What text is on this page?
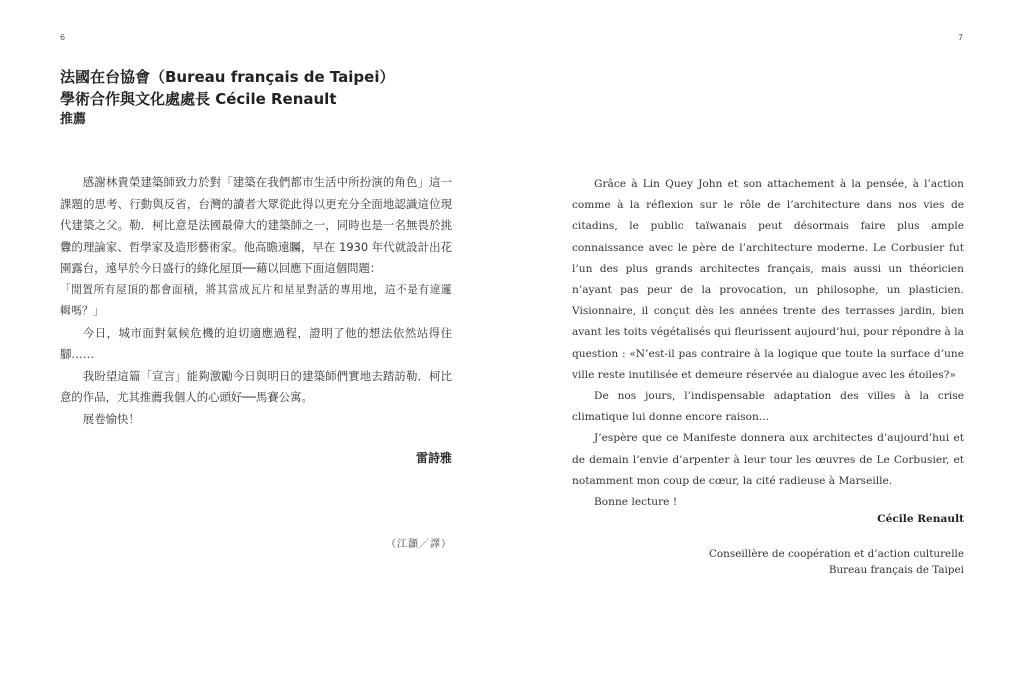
6	7
法國在台協會（Bureau français de Taipei）
學術合作與文化處處長 Cécile Renault
推薦

感謝林貴榮建築師致力於對「建築在我們都市生活中所扮演的角色」這一課題的思考、行動與反省，台灣的讀者大眾從此得以更充分全面地認識這位現代建築之父。勒．柯比意是法國最偉大的建築師之一，同時也是一名無畏於挑釁的理論家、哲學家及造形藝術家。他高瞻遠矚，早在 1930 年代就設計出花園露台，遠早於今日盛行的綠化屋頂──藉以回應下面這個問題：

「閒置所有屋頂的都會面積，將其當成瓦片和星星對話的專用地，這不是有違邏輯嗎？」

今日，城市面對氣候危機的迫切適應過程，證明了他的想法依然站得住腳……

我盼望這篇「宣言」能夠激勵今日與明日的建築師們實地去踏訪勒．柯比意的作品，尤其推薦我個人的心頭好──馬賽公寓。

展卷愉快！

雷詩雅
（江灝／譯）

Grâce à Lin Quey John et son attachement à la pensée, à l’action comme à la réflexion sur le rôle de l’architecture dans nos vies de citadins, le public taïwanais peut désormais faire plus ample connaissance avec le père de l’architecture moderne. Le Corbusier fut l’un des plus grands architectes français, mais aussi un théoricien n’ayant pas peur de la provocation, un philosophe, un plasticien. Visionnaire, il conçut dès les années trente des terrasses jardin, bien avant les toits végétalisés qui fleurissent aujourd’hui, pour répondre à la question : «N’est-il pas contraire à la logique que toute la surface d’une ville reste inutilisée et demeure réservée au dialogue avec les étoiles?»

De nos jours, l’indispensable adaptation des villes à la crise climatique lui donne encore raison...

J’espère que ce Manifeste donnera aux architectes d’aujourd’hui et de demain l’envie d’arpenter à leur tour les œuvres de Le Corbusier, et notamment mon coup de cœur, la cité radieuse à Marseille.

Bonne lecture !

Cécile Renault
Conseillère de coopération et d’action culturelle
Bureau français de Taipei
